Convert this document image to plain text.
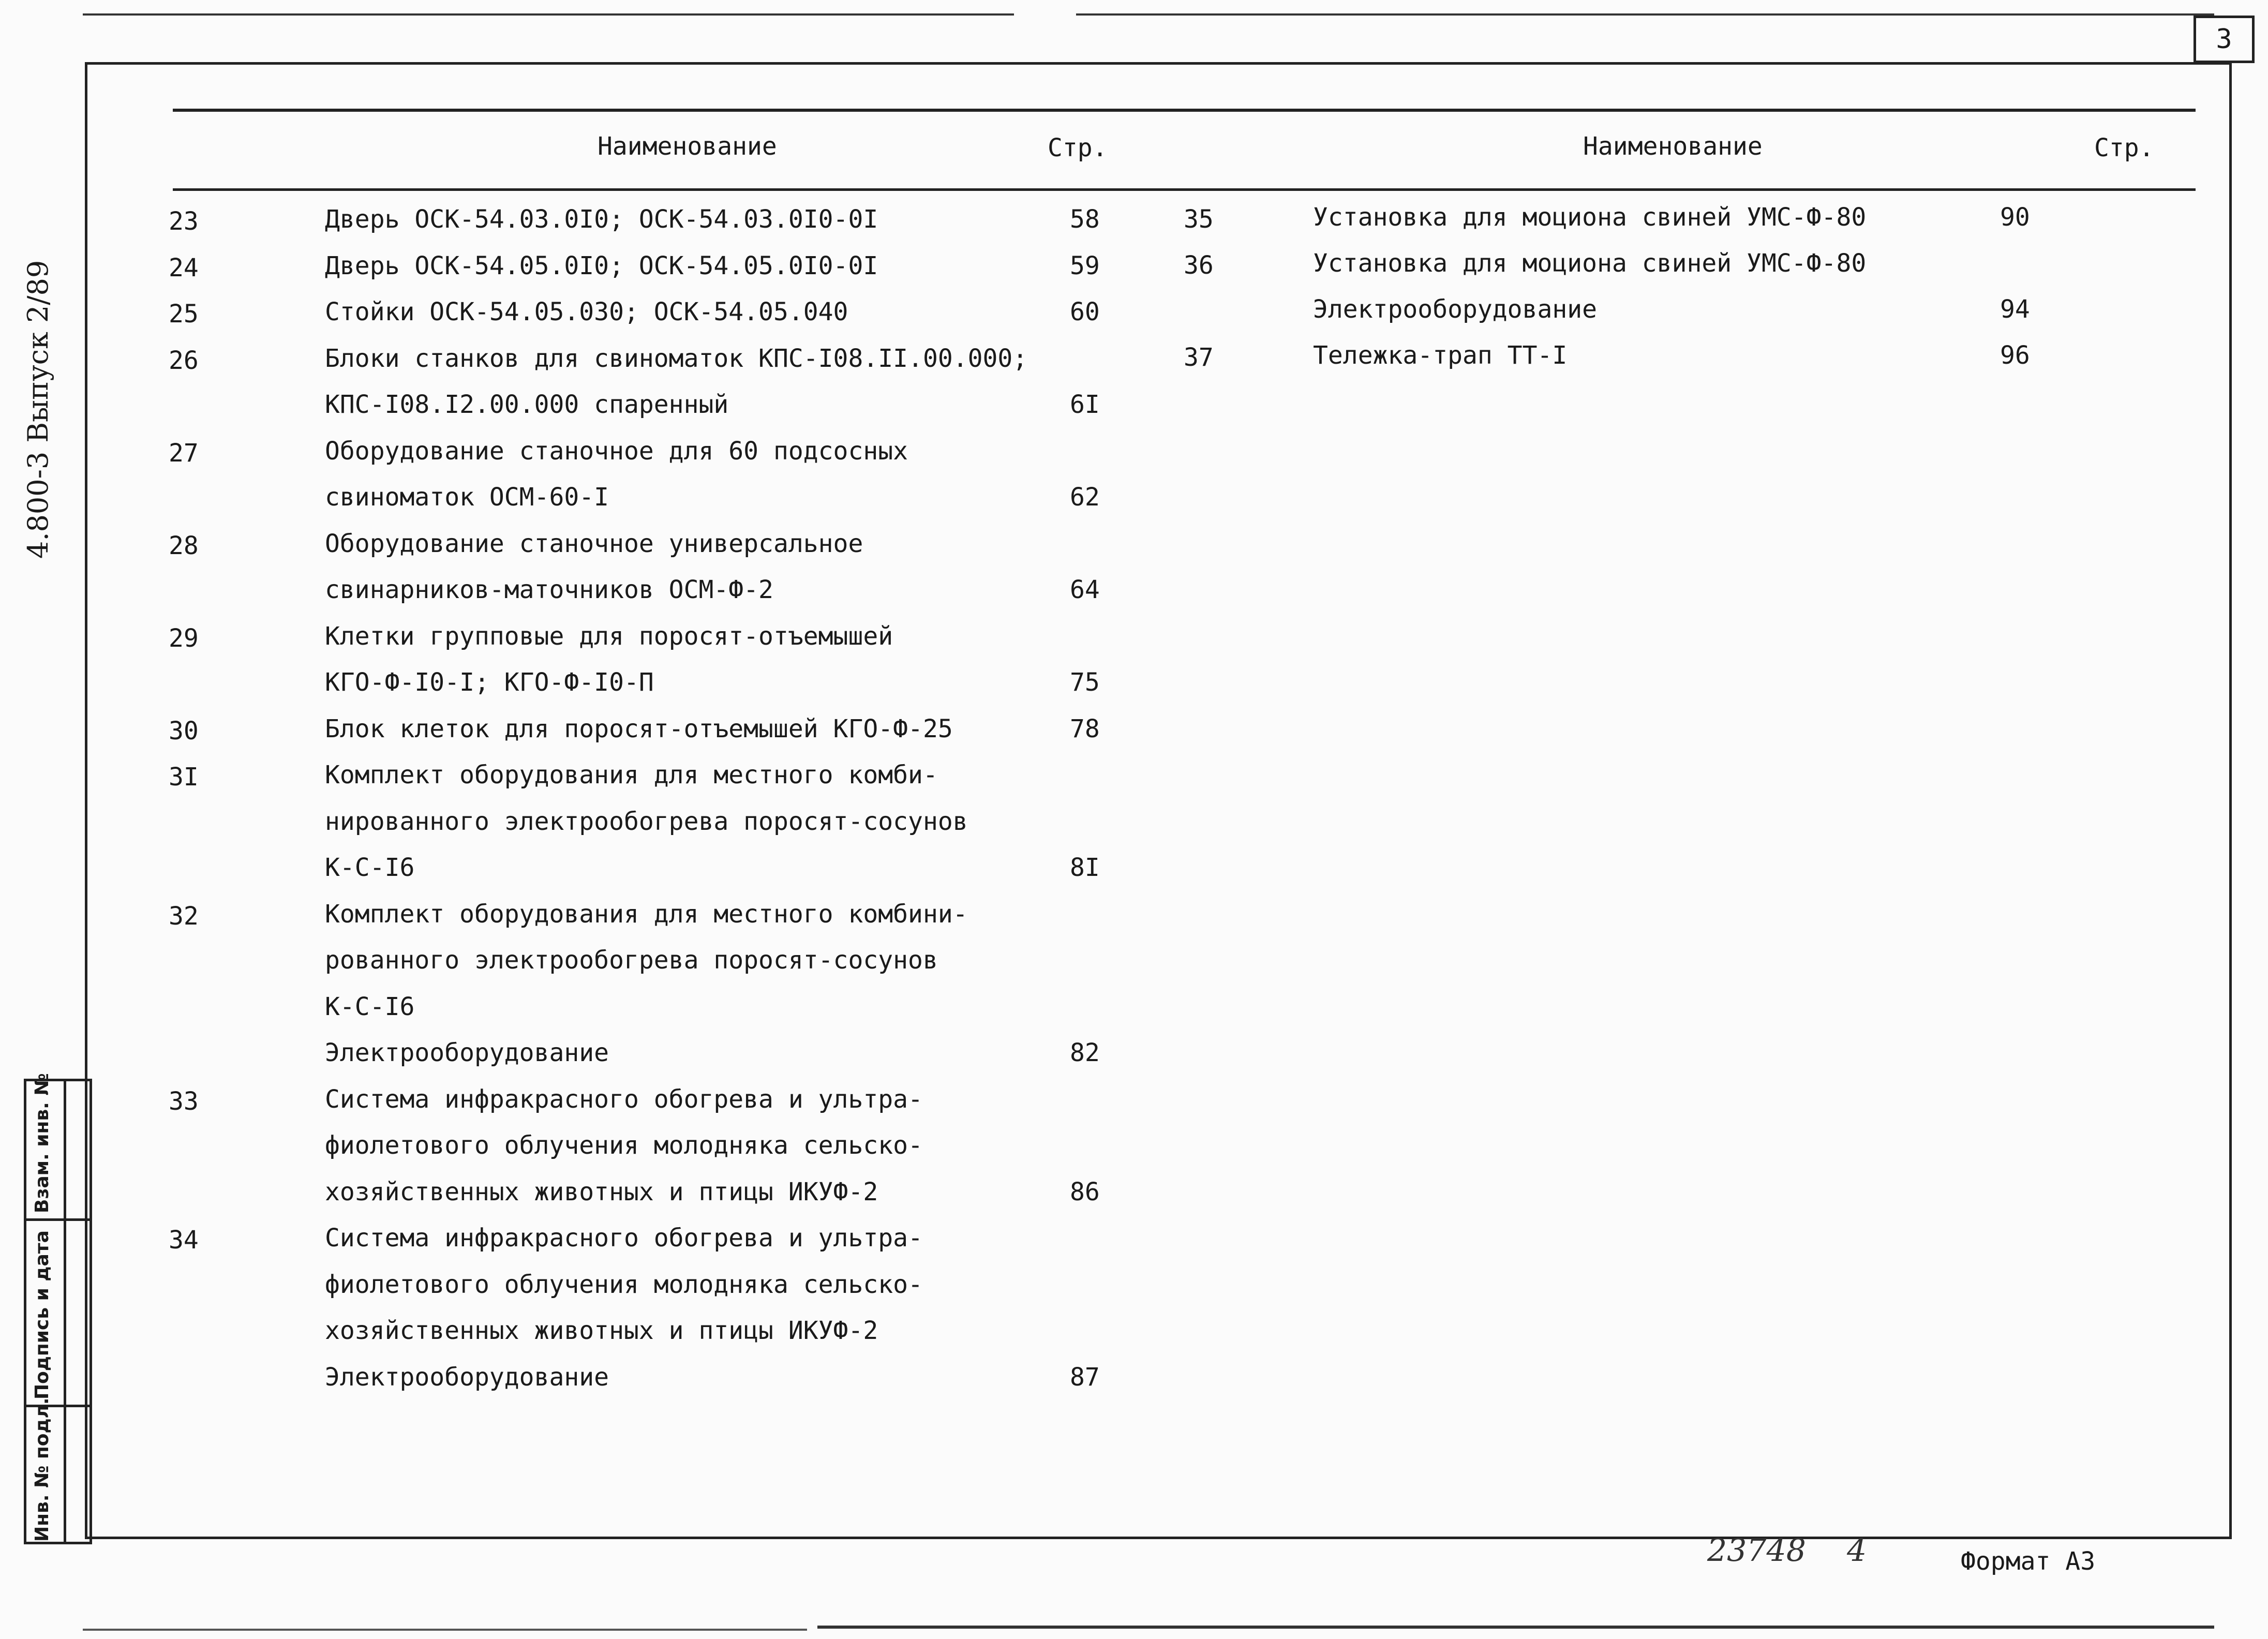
3
4.800-3 Выпуск 2/89
Взам. инв. №
Подпись и дата
Инв. № подл.
Наименование	Стр.	Наименование	Стр.
23	Дверь ОСК-54.03.0I0; ОСК-54.03.0I0-0I	58
24	Дверь ОСК-54.05.0I0; ОСК-54.05.0I0-0I	59
25	Стойки ОСК-54.05.030; ОСК-54.05.040	60
26	Блоки станков для свиноматок КПС-I08.II.00.000;
КПС-I08.I2.00.000 спаренный	6I
27	Оборудование станочное для 60 подсосных
свиноматок ОСМ-60-I	62
28	Оборудование станочное универсальное
свинарников-маточников ОСМ-Ф-2	64
29	Клетки групповые для поросят-отъемышей
КГО-Ф-I0-I; КГО-Ф-I0-П	75
30	Блок клеток для поросят-отъемышей КГО-Ф-25	78
3I	Комплект оборудования для местного комби-
нированного электрообогрева поросят-сосунов
К-С-I6	8I
32	Комплект оборудования для местного комбини-
рованного электрообогрева поросят-сосунов
К-С-I6
Электрооборудование	82
33	Система инфракрасного обогрева и ультра-
фиолетового облучения молодняка сельско-
хозяйственных животных и птицы ИКУФ-2	86
34	Система инфракрасного обогрева и ультра-
фиолетового облучения молодняка сельско-
хозяйственных животных и птицы ИКУФ-2
Электрооборудование	87
35	Установка для моциона свиней УМС-Ф-80	90
36	Установка для моциона свиней УМС-Ф-80
Электрооборудование	94
37	Тележка-трап ТТ-I	96
23748 4	Формат А3
